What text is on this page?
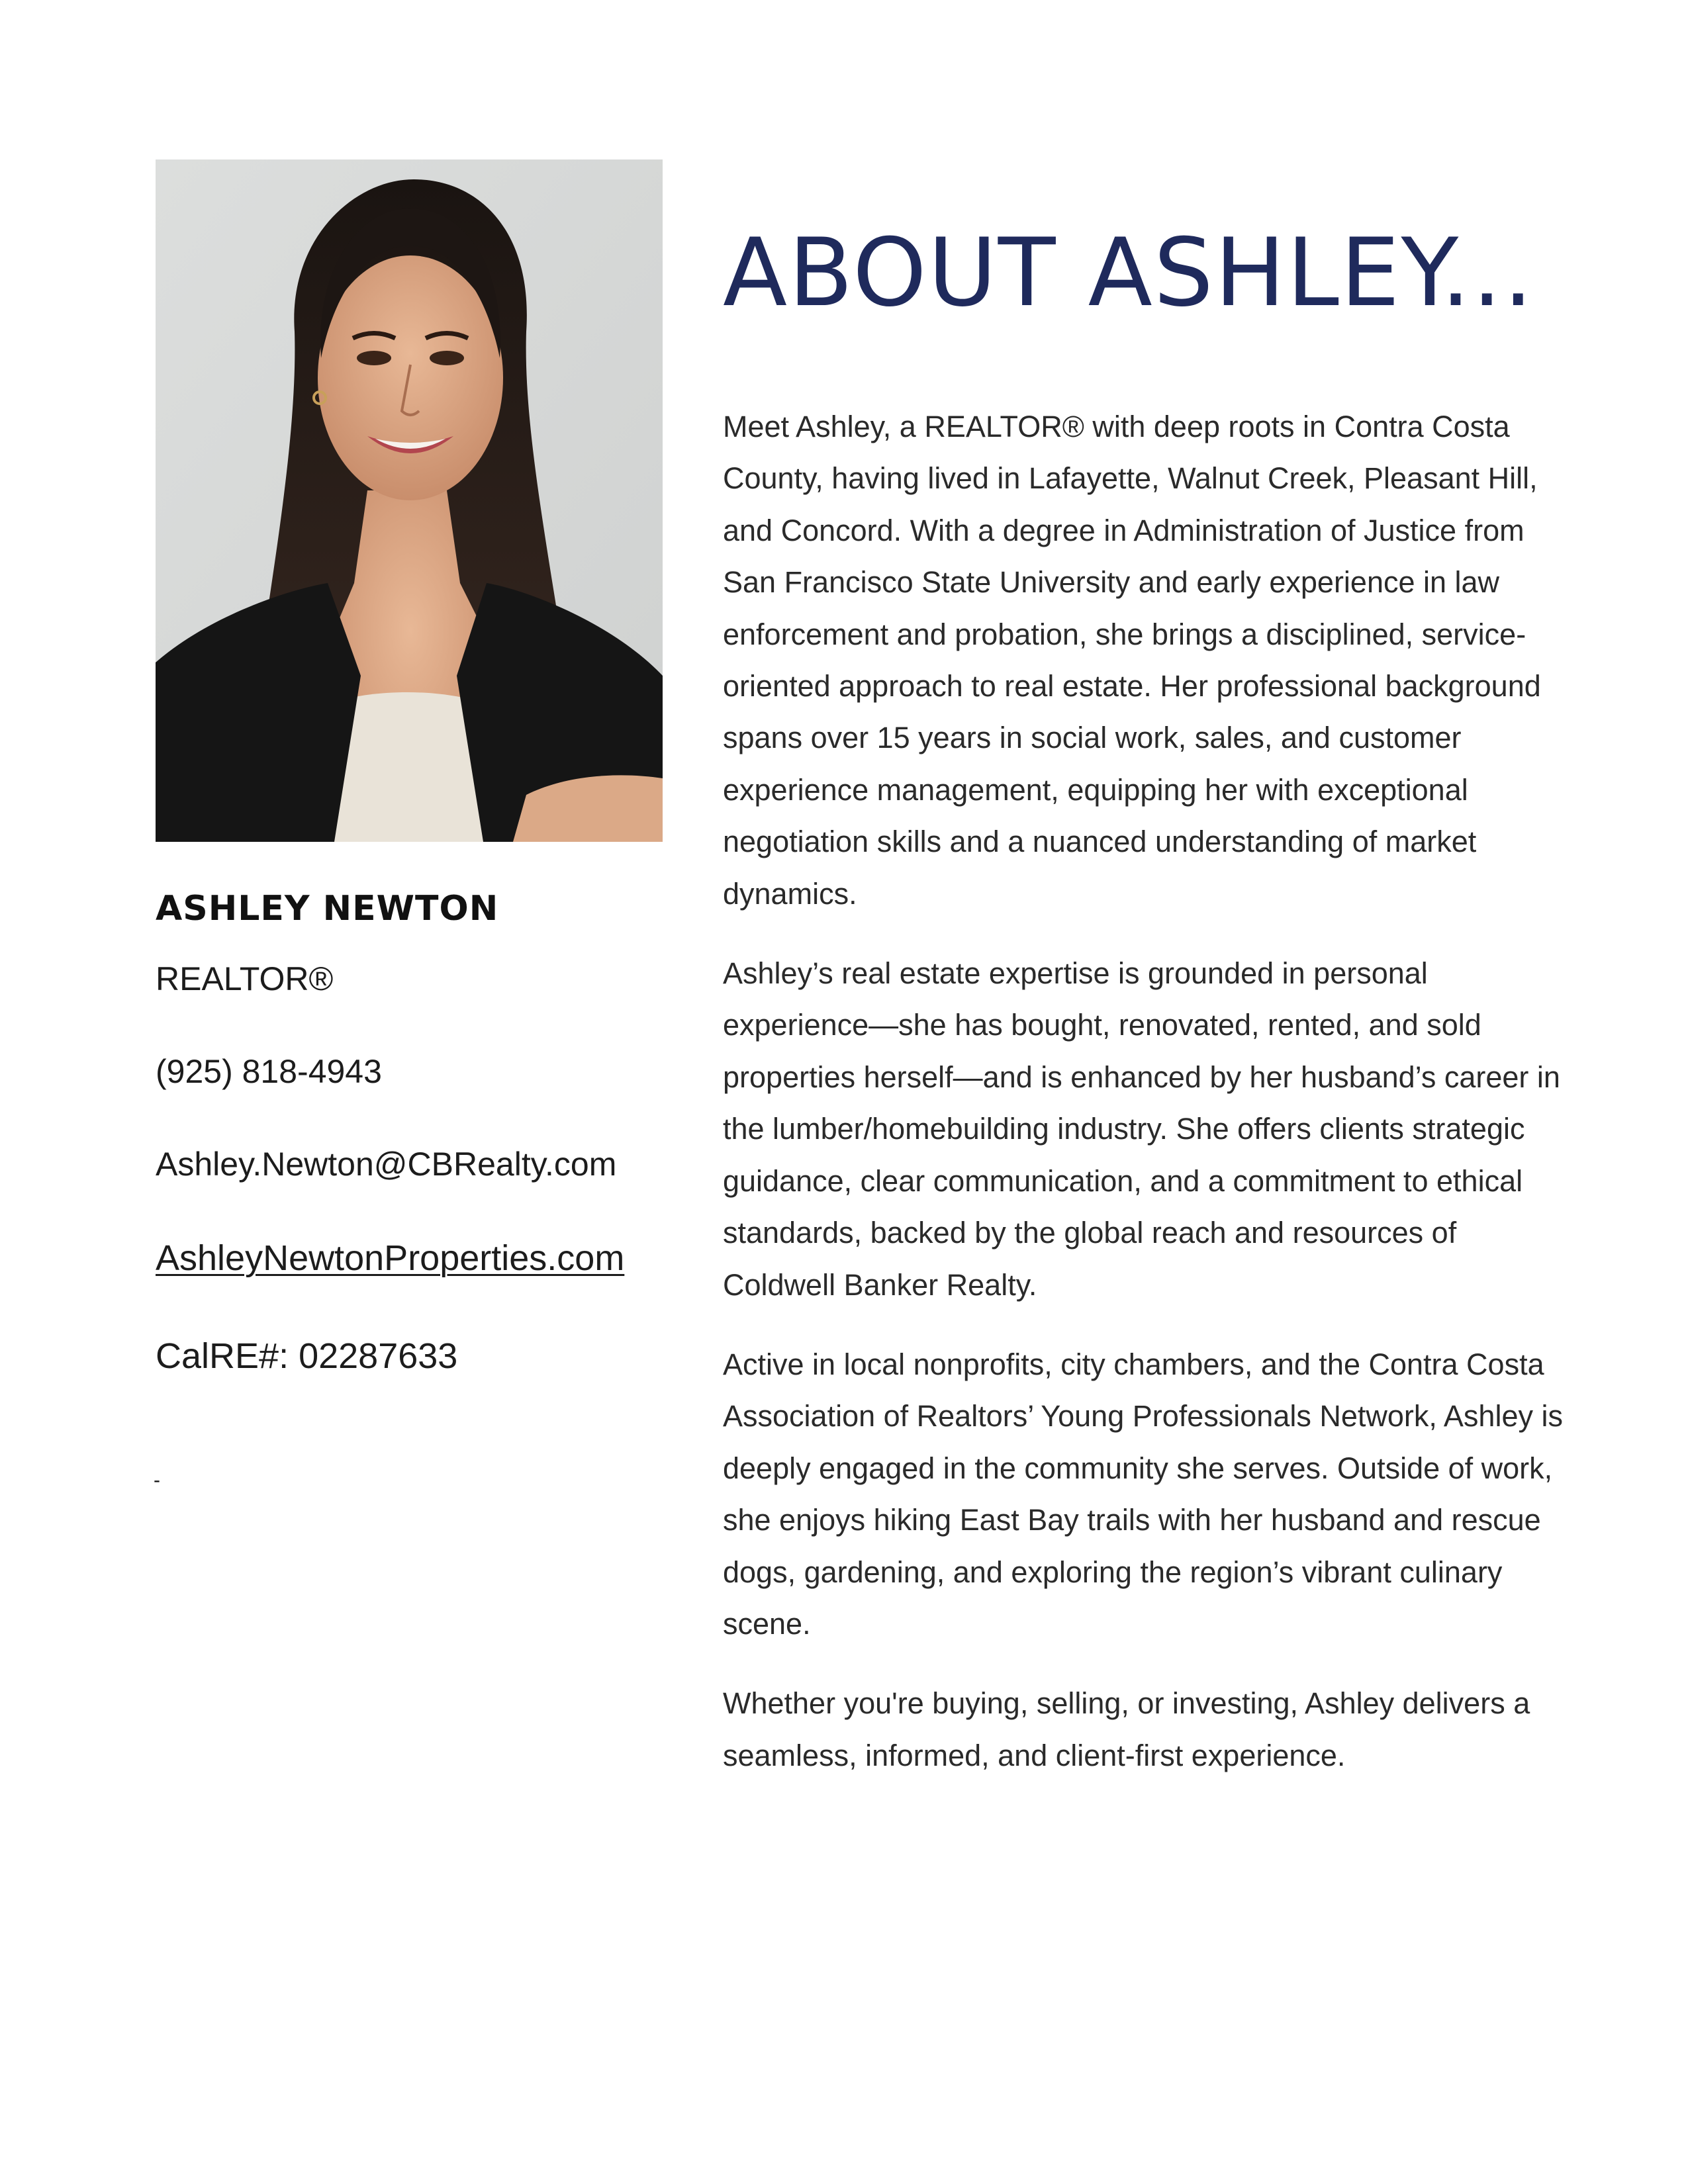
ASHLEY NEWTON
REALTOR®
(925) 818-4943
Ashley.Newton@CBRealty.com
AshleyNewtonProperties.com
CalRE#: 02287633
-
ABOUT ASHLEY...

Meet Ashley, a REALTOR® with deep roots in Contra Costa County, having lived in Lafayette, Walnut Creek, Pleasant Hill, and Concord. With a degree in Administration of Justice from San Francisco State University and early experience in law enforcement and probation, she brings a disciplined, service-oriented approach to real estate. Her professional background spans over 15 years in social work, sales, and customer experience management, equipping her with exceptional negotiation skills and a nuanced understanding of market dynamics.

Ashley’s real estate expertise is grounded in personal experience—she has bought, renovated, rented, and sold properties herself—and is enhanced by her husband’s career in the lumber/homebuilding industry. She offers clients strategic guidance, clear communication, and a commitment to ethical standards, backed by the global reach and resources of Coldwell Banker Realty.

Active in local nonprofits, city chambers, and the Contra Costa Association of Realtors’ Young Professionals Network, Ashley is deeply engaged in the community she serves. Outside of work, she enjoys hiking East Bay trails with her husband and rescue dogs, gardening, and exploring the region’s vibrant culinary scene.

Whether you're buying, selling, or investing, Ashley delivers a seamless, informed, and client-first experience.
